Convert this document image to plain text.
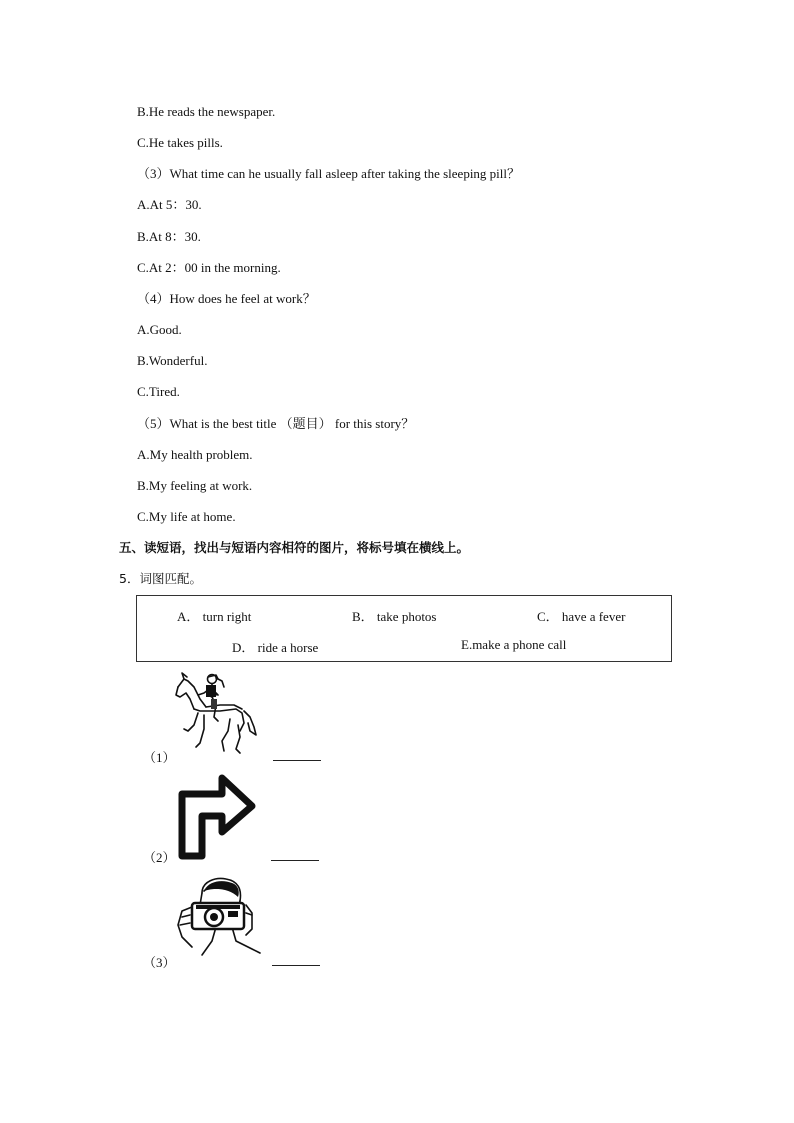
B.He reads the newspaper.
C.He takes pills.
（3）What time can he usually fall asleep after taking the sleeping pill？
A.At 5：30.
B.At 8：30.
C.At 2：00 in the morning.
（4）How does he feel at work？
A.Good.
B.Wonderful.
C.Tired.
（5）What is the best title （题目） for this story？
A.My health problem.
B.My feeling at work.
C.My life at home.
五、读短语，找出与短语内容相符的图片，将标号填在横线上。
5．词图匹配。
A． turn right	B． take photos	C． have a fever
D． ride a horse	E.make a phone call
（1）
（2）
（3）
